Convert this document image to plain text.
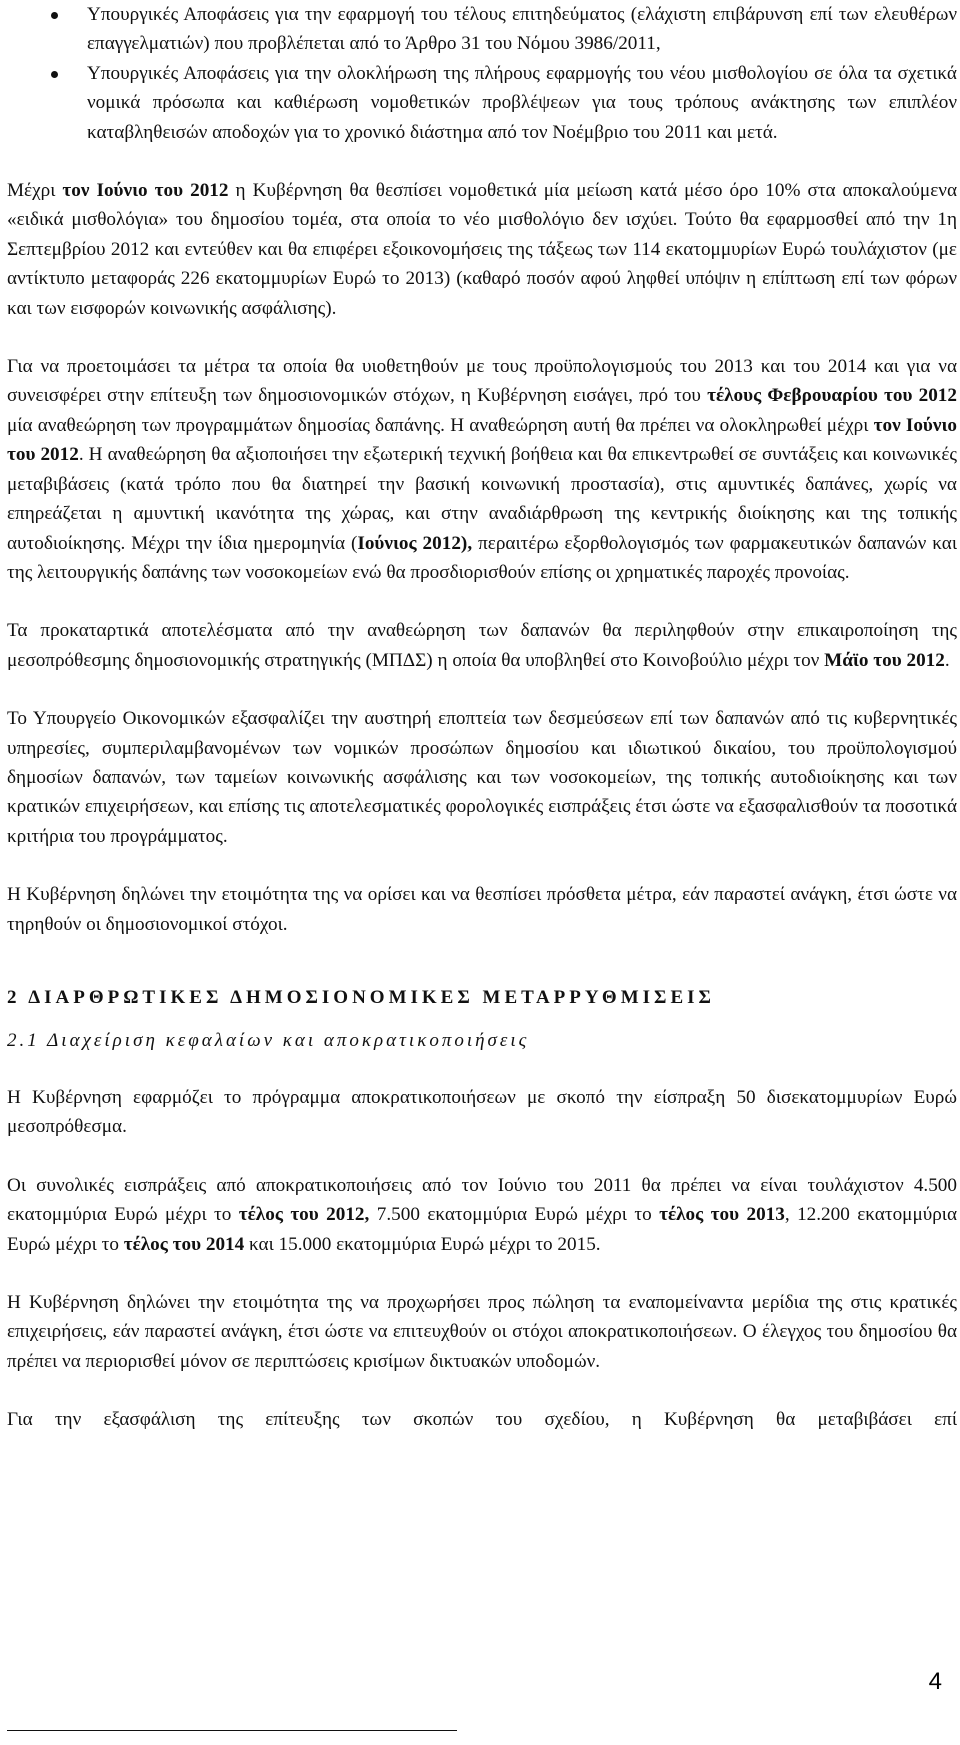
Υπουργικές Αποφάσεις για την εφαρμογή του τέλους επιτηδεύματος (ελάχιστη επιβάρυνση επί των ελευθέρων επαγγελματιών) που προβλέπεται από το Άρθρο 31 του Νόμου 3986/2011,
Υπουργικές Αποφάσεις για την ολοκλήρωση της πλήρους εφαρμογής του νέου μισθολογίου σε όλα τα σχετικά νομικά πρόσωπα και καθιέρωση νομοθετικών προβλέψεων για τους τρόπους ανάκτησης των επιπλέον καταβληθεισών αποδοχών για το χρονικό διάστημα από τον Νοέμβριο του 2011 και μετά.

Μέχρι τον Ιούνιο του 2012 η Κυβέρνηση θα θεσπίσει νομοθετικά μία μείωση κατά μέσο όρο 10% στα αποκαλούμενα «ειδικά μισθολόγια» του δημοσίου τομέα, στα οποία το νέο μισθολόγιο δεν ισχύει. Τούτο θα εφαρμοσθεί από την 1η Σεπτεμβρίου 2012 και εντεύθεν και θα επιφέρει εξοικονομήσεις της τάξεως των 114 εκατομμυρίων Ευρώ τουλάχιστον (με αντίκτυπο μεταφοράς 226 εκατομμυρίων Ευρώ το 2013) (καθαρό ποσόν αφού ληφθεί υπόψιν η επίπτωση επί των φόρων και των εισφορών κοινωνικής ασφάλισης).

Για να προετοιμάσει τα μέτρα τα οποία θα υιοθετηθούν με τους προϋπολογισμούς του 2013 και του 2014 και για να συνεισφέρει στην επίτευξη των δημοσιονομικών στόχων, η Κυβέρνηση εισάγει, πρό του τέλους Φεβρουαρίου του 2012 μία αναθεώρηση των προγραμμάτων δημοσίας δαπάνης. Η αναθεώρηση αυτή θα πρέπει να ολοκληρωθεί μέχρι τον Ιούνιο του 2012. Η αναθεώρηση θα αξιοποιήσει την εξωτερική τεχνική βοήθεια και θα επικεντρωθεί σε συντάξεις και κοινωνικές μεταβιβάσεις (κατά τρόπο που θα διατηρεί την βασική κοινωνική προστασία), στις αμυντικές δαπάνες, χωρίς να επηρεάζεται η αμυντική ικανότητα της χώρας, και στην αναδιάρθρωση της κεντρικής διοίκησης και της τοπικής αυτοδιοίκησης. Μέχρι την ίδια ημερομηνία (Ιούνιος 2012), περαιτέρω εξορθολογισμός των φαρμακευτικών δαπανών και της λειτουργικής δαπάνης των νοσοκομείων ενώ θα προσδιορισθούν επίσης οι χρηματικές παροχές προνοίας.

Τα προκαταρτικά αποτελέσματα από την αναθεώρηση των δαπανών θα περιληφθούν στην επικαιροποίηση της μεσοπρόθεσμης δημοσιονομικής στρατηγικής (ΜΠΔΣ) η οποία θα υποβληθεί στο Κοινοβούλιο μέχρι τον Μάϊο του 2012.

Το Υπουργείο Οικονομικών εξασφαλίζει την αυστηρή εποπτεία των δεσμεύσεων επί των δαπανών από τις κυβερνητικές υπηρεσίες, συμπεριλαμβανομένων των νομικών προσώπων δημοσίου και ιδιωτικού δικαίου, του προϋπολογισμού δημοσίων δαπανών, των ταμείων κοινωνικής ασφάλισης και των νοσοκομείων, της τοπικής αυτοδιοίκησης και των κρατικών επιχειρήσεων, και επίσης τις αποτελεσματικές φορολογικές εισπράξεις έτσι ώστε να εξασφαλισθούν τα ποσοτικά κριτήρια του προγράμματος.

Η Κυβέρνηση δηλώνει την ετοιμότητα της να ορίσει και να θεσπίσει πρόσθετα μέτρα, εάν παραστεί ανάγκη, έτσι ώστε να τηρηθούν οι δημοσιονομικοί στόχοι.

2 ΔΙΑΡΘΡΩΤΙΚΕΣ ΔΗΜΟΣΙΟΝΟΜΙΚΕΣ ΜΕΤΑΡΡΥΘΜΙΣΕΙΣ
2.1 Διαχείριση κεφαλαίων και αποκρατικοποιήσεις

Η Κυβέρνηση εφαρμόζει το πρόγραμμα αποκρατικοποιήσεων με σκοπό την είσπραξη 50 δισεκατομμυρίων Ευρώ μεσοπρόθεσμα.

Οι συνολικές εισπράξεις από αποκρατικοποιήσεις από τον Ιούνιο του 2011 θα πρέπει να είναι τουλάχιστον 4.500 εκατομμύρια Ευρώ μέχρι το τέλος του 2012, 7.500 εκατομμύρια Ευρώ μέχρι το τέλος του 2013, 12.200 εκατομμύρια Ευρώ μέχρι το τέλος του 2014 και 15.000 εκατομμύρια Ευρώ μέχρι το 2015.

Η Κυβέρνηση δηλώνει την ετοιμότητα της να προχωρήσει προς πώληση τα εναπομείναντα μερίδια της στις κρατικές επιχειρήσεις, εάν παραστεί ανάγκη, έτσι ώστε να επιτευχθούν οι στόχοι αποκρατικοποιήσεων. Ο έλεγχος του δημοσίου θα πρέπει να περιορισθεί μόνον σε περιπτώσεις κρισίμων δικτυακών υποδομών.

Για την εξασφάλιση της επίτευξης των σκοπών του σχεδίου, η Κυβέρνηση θα μεταβιβάσει επί

4
